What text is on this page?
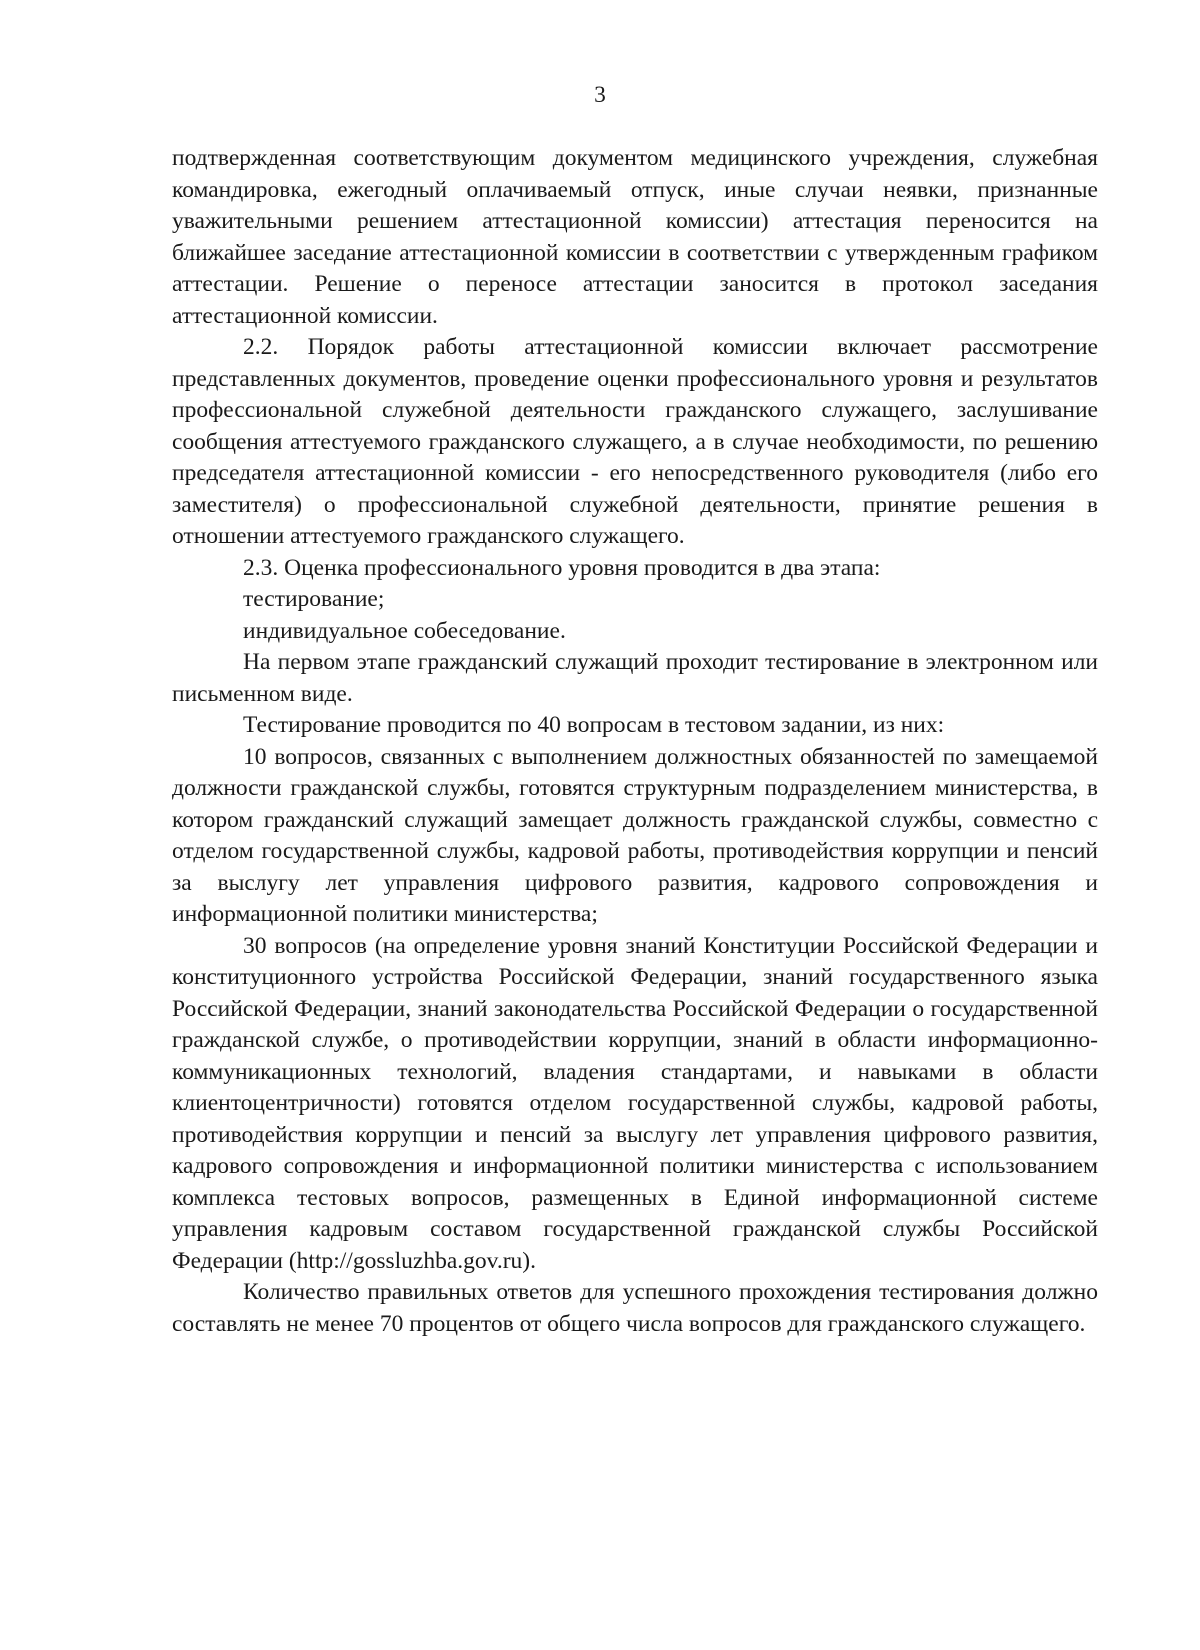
3

подтвержденная соответствующим документом медицинского учреждения, служебная командировка, ежегодный оплачиваемый отпуск, иные случаи неявки, признанные уважительными решением аттестационной комиссии) аттестация переносится на ближайшее заседание аттестационной комиссии в соответствии с утвержденным графиком аттестации. Решение о переносе аттестации заносится в протокол заседания аттестационной комиссии.

2.2. Порядок работы аттестационной комиссии включает рассмотрение представленных документов, проведение оценки профессионального уровня и результатов профессиональной служебной деятельности гражданского служащего, заслушивание сообщения аттестуемого гражданского служащего, а в случае необходимости, по решению председателя аттестационной комиссии - его непосредственного руководителя (либо его заместителя) о профессиональной служебной деятельности, принятие решения в отношении аттестуемого гражданского служащего.

2.3. Оценка профессионального уровня проводится в два этапа:

тестирование;

индивидуальное собеседование.

На первом этапе гражданский служащий проходит тестирование в электронном или письменном виде.

Тестирование проводится по 40 вопросам в тестовом задании, из них:

10 вопросов, связанных с выполнением должностных обязанностей по замещаемой должности гражданской службы, готовятся структурным подразделением министерства, в котором гражданский служащий замещает должность гражданской службы, совместно с отделом государственной службы, кадровой работы, противодействия коррупции и пенсий за выслугу лет управления цифрового развития, кадрового сопровождения и информационной политики министерства;

30 вопросов (на определение уровня знаний Конституции Российской Федерации и конституционного устройства Российской Федерации, знаний государственного языка Российской Федерации, знаний законодательства Российской Федерации о государственной гражданской службе, о противодействии коррупции, знаний в области информационно-коммуникационных технологий, владения стандартами, и навыками в области клиентоцентричности) готовятся отделом государственной службы, кадровой работы, противодействия коррупции и пенсий за выслугу лет управления цифрового развития, кадрового сопровождения и информационной политики министерства с использованием комплекса тестовых вопросов, размещенных в Единой информационной системе управления кадровым составом государственной гражданской службы Российской Федерации (http://gossluzhba.gov.ru).

Количество правильных ответов для успешного прохождения тестирования должно составлять не менее 70 процентов от общего числа вопросов для гражданского служащего.
